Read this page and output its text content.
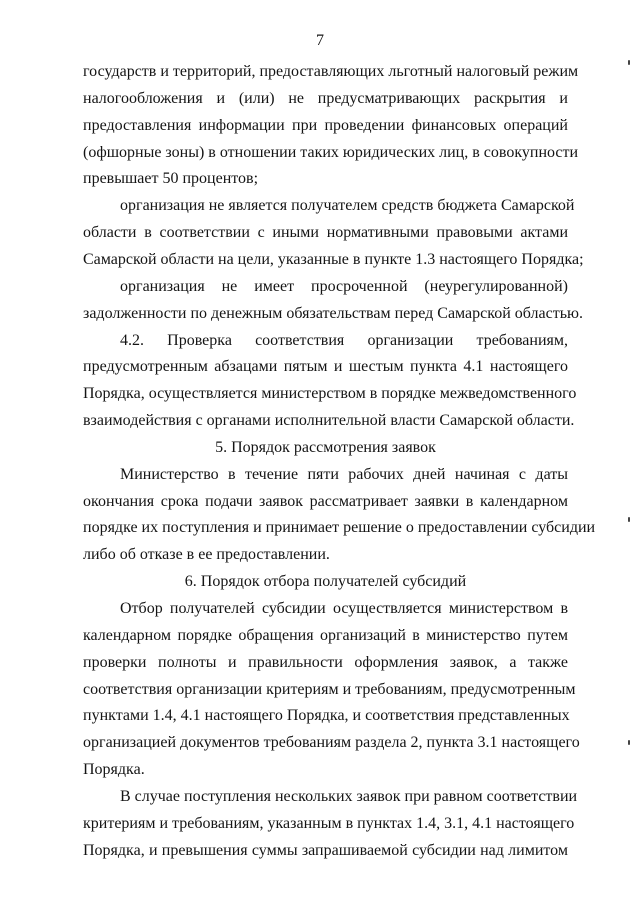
7
государств и территорий, предоставляющих льготный налоговый режим
налогообложения и (или) не предусматривающих раскрытия и
предоставления информации при проведении финансовых операций
(офшорные зоны) в отношении таких юридических лиц, в совокупности
превышает 50 процентов;
организация не является получателем средств бюджета Самарской
области в соответствии с иными нормативными правовыми актами
Самарской области на цели, указанные в пункте 1.3 настоящего Порядка;
организация не имеет просроченной (неурегулированной)
задолженности по денежным обязательствам перед Самарской областью.
4.2. Проверка соответствия организации требованиям,
предусмотренным абзацами пятым и шестым пункта 4.1 настоящего
Порядка, осуществляется министерством в порядке межведомственного
взаимодействия с органами исполнительной власти Самарской области.
5. Порядок рассмотрения заявок
Министерство в течение пяти рабочих дней начиная с даты
окончания срока подачи заявок рассматривает заявки в календарном
порядке их поступления и принимает решение о предоставлении субсидии
либо об отказе в ее предоставлении.
6. Порядок отбора получателей субсидий
Отбор получателей субсидии осуществляется министерством в
календарном порядке обращения организаций в министерство путем
проверки полноты и правильности оформления заявок, а также
соответствия организации критериям и требованиям, предусмотренным
пунктами 1.4, 4.1 настоящего Порядка, и соответствия представленных
организацией документов требованиям раздела 2, пункта 3.1 настоящего
Порядка.
В случае поступления нескольких заявок при равном соответствии
критериям и требованиям, указанным в пунктах 1.4, 3.1, 4.1 настоящего
Порядка, и превышения суммы запрашиваемой субсидии над лимитом
